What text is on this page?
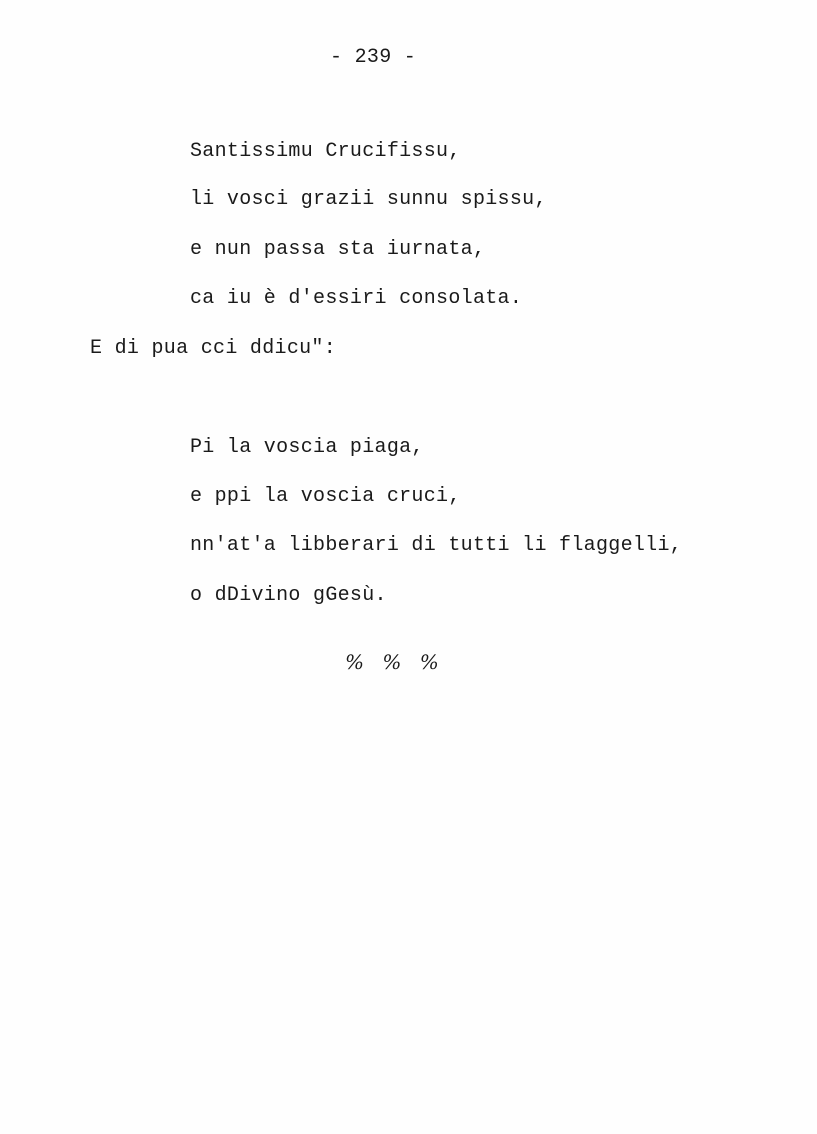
- 239 -
Santissimu Crucifissu,
li vosci grazii sunnu spissu,
e nun passa sta iurnata,
ca iu è d'essiri consolata.
E di pua cci ddicu":
Pi la voscia piaga,
e ppi la voscia cruci,
nn'at'a libberari di tutti li flaggelli,
o dDivino gGesù.
% % %
